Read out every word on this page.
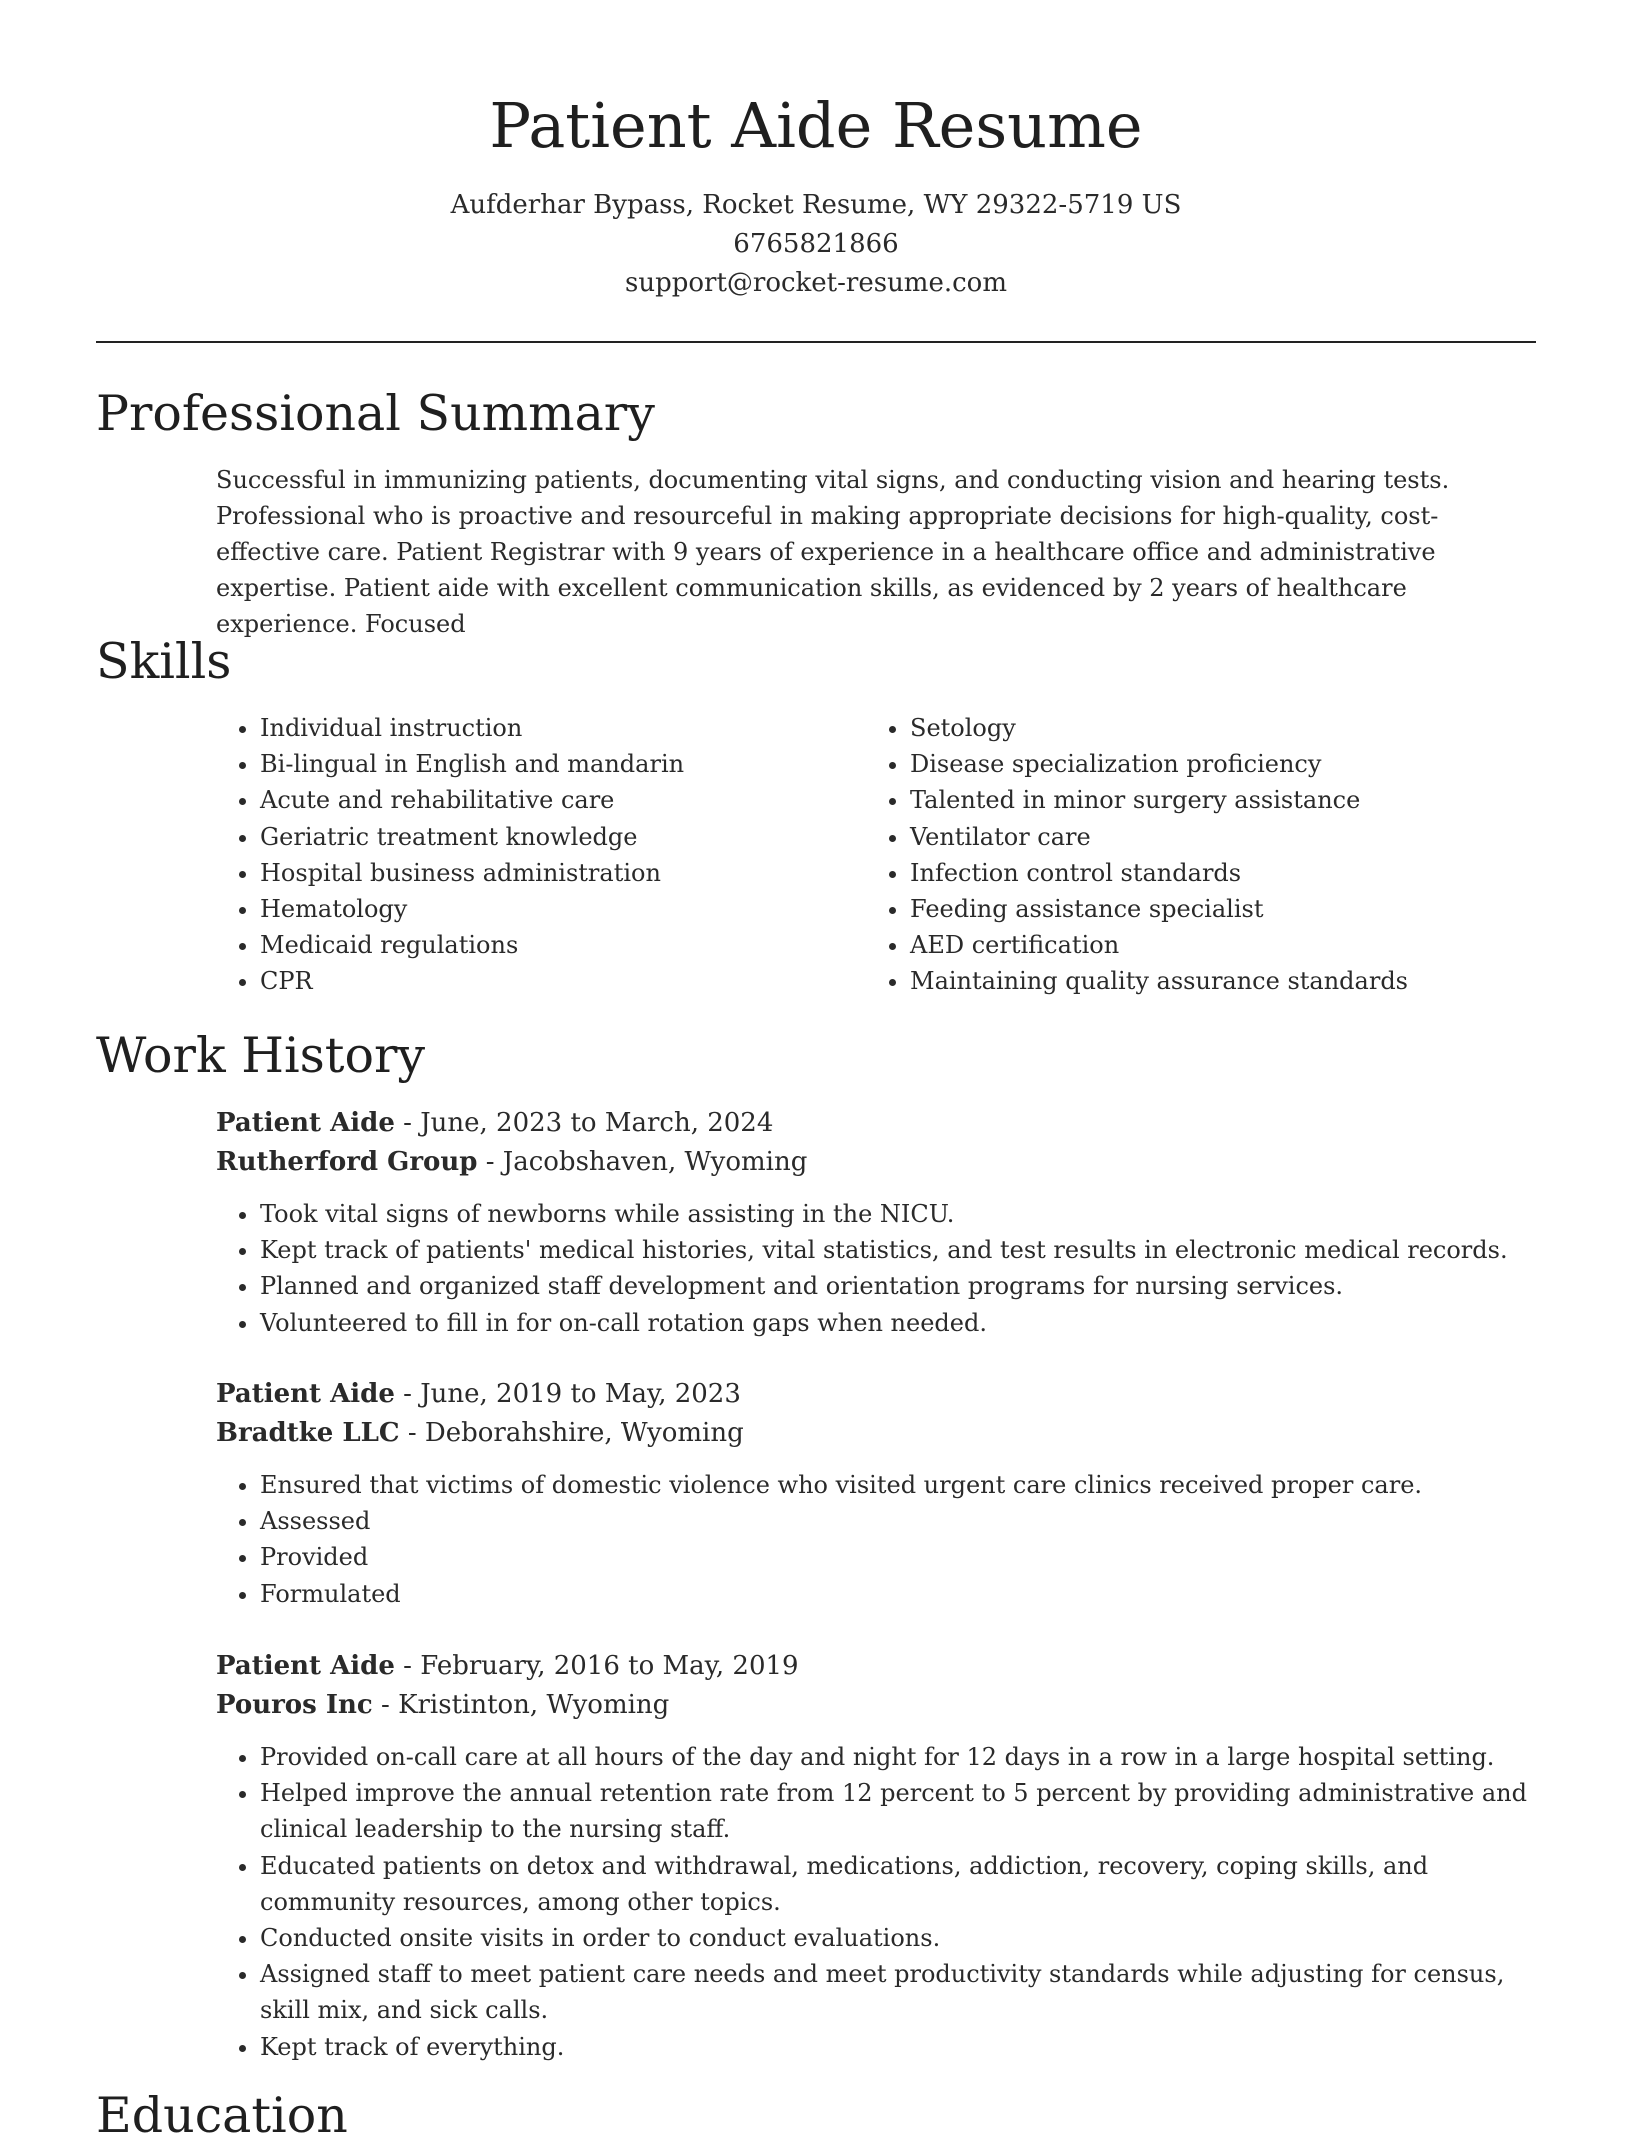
Patient Aide Resume
Aufderhar Bypass, Rocket Resume, WY 29322-5719 US
6765821866
support@rocket-resume.com
Professional Summary

Successful in immunizing patients, documenting vital signs, and conducting vision and hearing tests. Professional who is proactive and resourceful in making appropriate decisions for high-quality, cost-effective care. Patient Registrar with 9 years of experience in a healthcare office and administrative expertise. Patient aide with excellent communication skills, as evidenced by 2 years of healthcare experience. Focused

Skills
• Individual instruction
• Bi-lingual in English and mandarin
• Acute and rehabilitative care
• Geriatric treatment knowledge
• Hospital business administration
• Hematology
• Medicaid regulations
• CPR
• Setology
• Disease specialization proficiency
• Talented in minor surgery assistance
• Ventilator care
• Infection control standards
• Feeding assistance specialist
• AED certification
• Maintaining quality assurance standards
Work History
Patient Aide - June, 2023 to March, 2024
Rutherford Group - Jacobshaven, Wyoming
• Took vital signs of newborns while assisting in the NICU.
• Kept track of patients' medical histories, vital statistics, and test results in electronic medical records.
• Planned and organized staff development and orientation programs for nursing services.
• Volunteered to fill in for on-call rotation gaps when needed.
Patient Aide - June, 2019 to May, 2023
Bradtke LLC - Deborahshire, Wyoming
• Ensured that victims of domestic violence who visited urgent care clinics received proper care.
• Assessed
• Provided
• Formulated
Patient Aide - February, 2016 to May, 2019
Pouros Inc - Kristinton, Wyoming
• Provided on-call care at all hours of the day and night for 12 days in a row in a large hospital setting.
• Helped improve the annual retention rate from 12 percent to 5 percent by providing administrative and clinical leadership to the nursing staff.
• Educated patients on detox and withdrawal, medications, addiction, recovery, coping skills, and community resources, among other topics.
• Conducted onsite visits in order to conduct evaluations.
• Assigned staff to meet patient care needs and meet productivity standards while adjusting for census, skill mix, and sick calls.
• Kept track of everything.
Education
